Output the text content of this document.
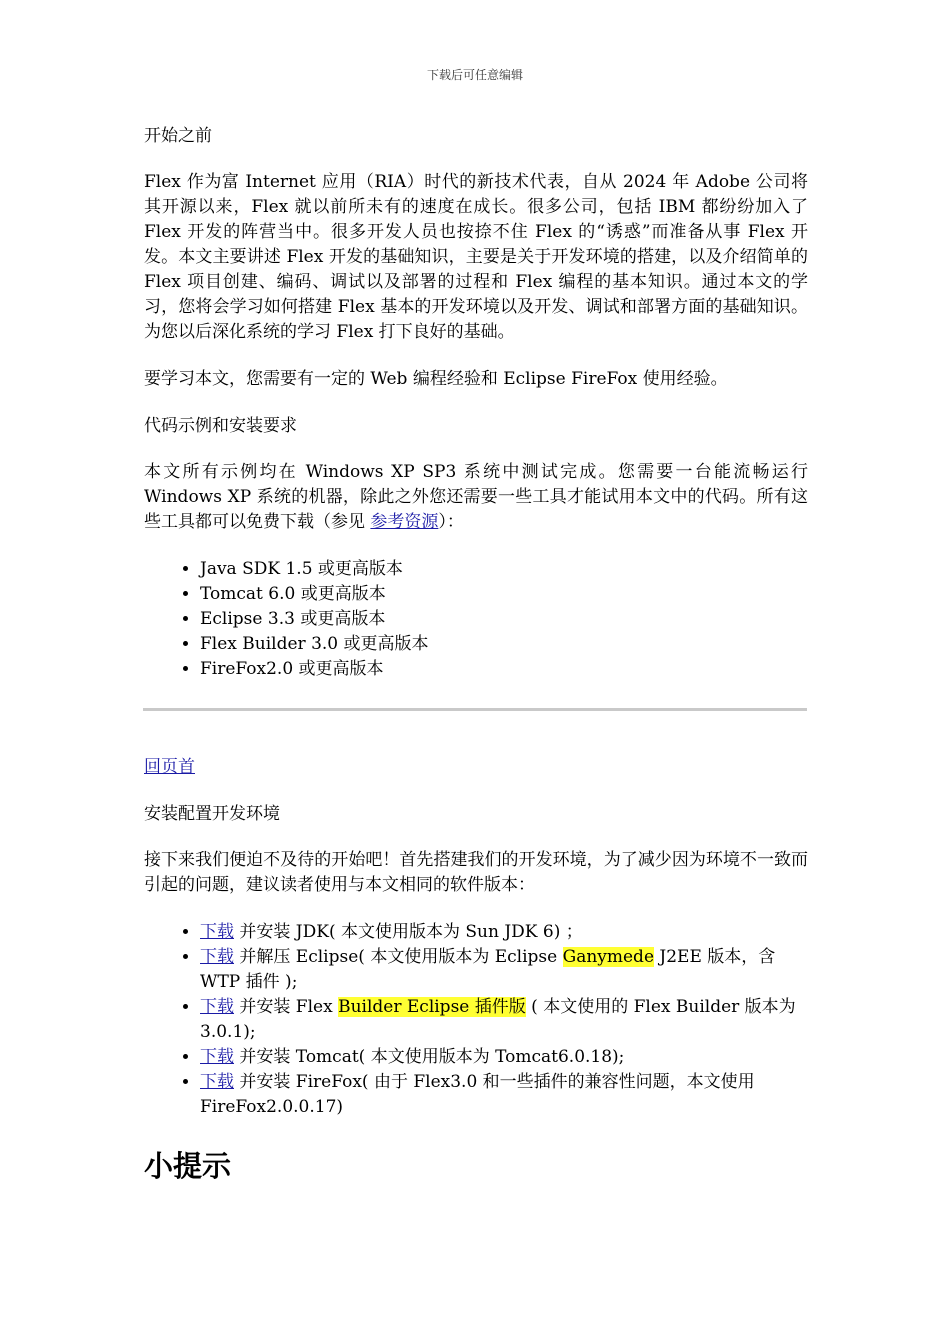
下载后可任意编辑

开始之前

Flex 作为富 Internet 应用（RIA）时代的新技术代表，自从 2024 年 Adobe 公司将其开源以来，Flex 就以前所未有的速度在成长。很多公司，包括 IBM 都纷纷加入了 Flex 开发的阵营当中。很多开发人员也按捺不住 Flex 的“诱惑”而准备从事 Flex 开发。本文主要讲述 Flex 开发的基础知识，主要是关于开发环境的搭建，以及介绍简单的 Flex 项目创建、编码、调试以及部署的过程和 Flex 编程的基本知识。通过本文的学习，您将会学习如何搭建 Flex 基本的开发环境以及开发、调试和部署方面的基础知识。为您以后深化系统的学习 Flex 打下良好的基础。

要学习本文，您需要有一定的 Web 编程经验和 Eclipse FireFox 使用经验。

代码示例和安装要求

本文所有示例均在 Windows XP SP3 系统中测试完成。您需要一台能流畅运行 Windows XP 系统的机器，除此之外您还需要一些工具才能试用本文中的代码。所有这些工具都可以免费下载（参见 参考资源）：

• Java SDK 1.5 或更高版本
• Tomcat 6.0 或更高版本
• Eclipse 3.3 或更高版本
• Flex Builder 3.0 或更高版本
• FireFox2.0 或更高版本

回页首

安装配置开发环境

接下来我们便迫不及待的开始吧！首先搭建我们的开发环境，为了减少因为环境不一致而引起的问题，建议读者使用与本文相同的软件版本：

• 下载 并安装 JDK( 本文使用版本为 Sun JDK 6) ；
• 下载 并解压 Eclipse( 本文使用版本为 Eclipse Ganymede J2EE 版本，含 WTP 插件 );
• 下载 并安装 Flex Builder Eclipse 插件版 ( 本文使用的 Flex Builder 版本为 3.0.1);
• 下载 并安装 Tomcat( 本文使用版本为 Tomcat6.0.18);
• 下载 并安装 FireFox( 由于 Flex3.0 和一些插件的兼容性问题，本文使用 FireFox2.0.0.17)
小提示
